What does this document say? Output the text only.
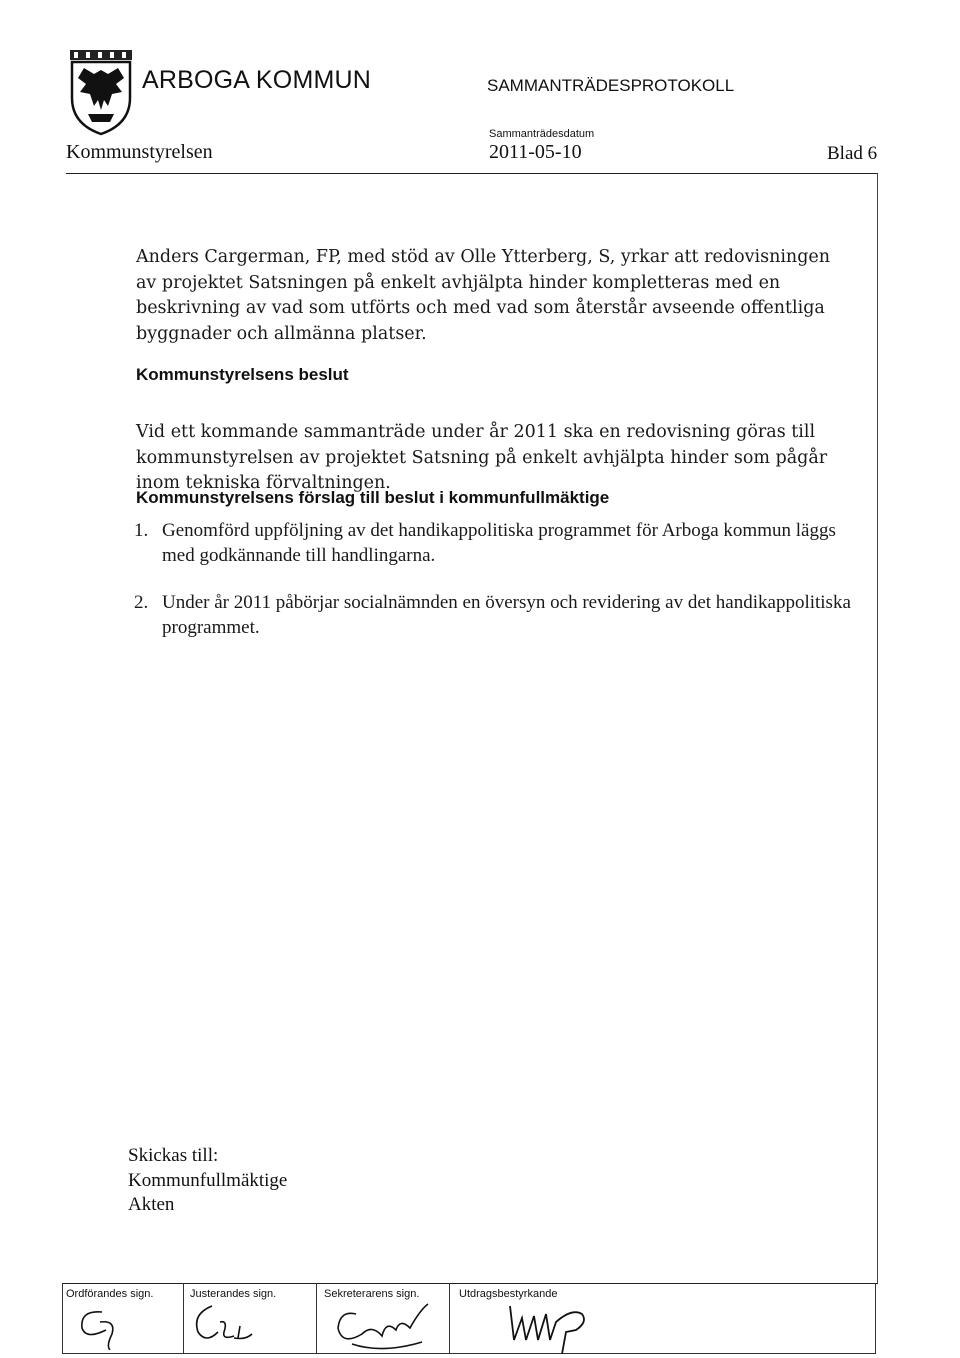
ARBOGA KOMMUN	SAMMANTRÄDESPROTOKOLL
Sammanträdesdatum
Kommunstyrelsen	2011-05-10	Blad 6
Anders Cargerman, FP, med stöd av Olle Ytterberg, S, yrkar att redovisningen av projektet Satsningen på enkelt avhjälpta hinder kompletteras med en beskrivning av vad som utförts och med vad som återstår avseende offentliga byggnader och allmänna platser.
Kommunstyrelsens beslut
Vid ett kommande sammanträde under år 2011 ska en redovisning göras till kommunstyrelsen av projektet Satsning på enkelt avhjälpta hinder som pågår inom tekniska förvaltningen.
Kommunstyrelsens förslag till beslut i kommunfullmäktige
1. Genomförd uppföljning av det handikappolitiska programmet för Arboga kommun läggs med godkännande till handlingarna.
2. Under år 2011 påbörjar socialnämnden en översyn och revidering av det handikappolitiska programmet.
Skickas till:
Kommunfullmäktige
Akten
Ordförandes sign.	Justerandes sign.	Sekreterarens sign.	Utdragsbestyrkande
